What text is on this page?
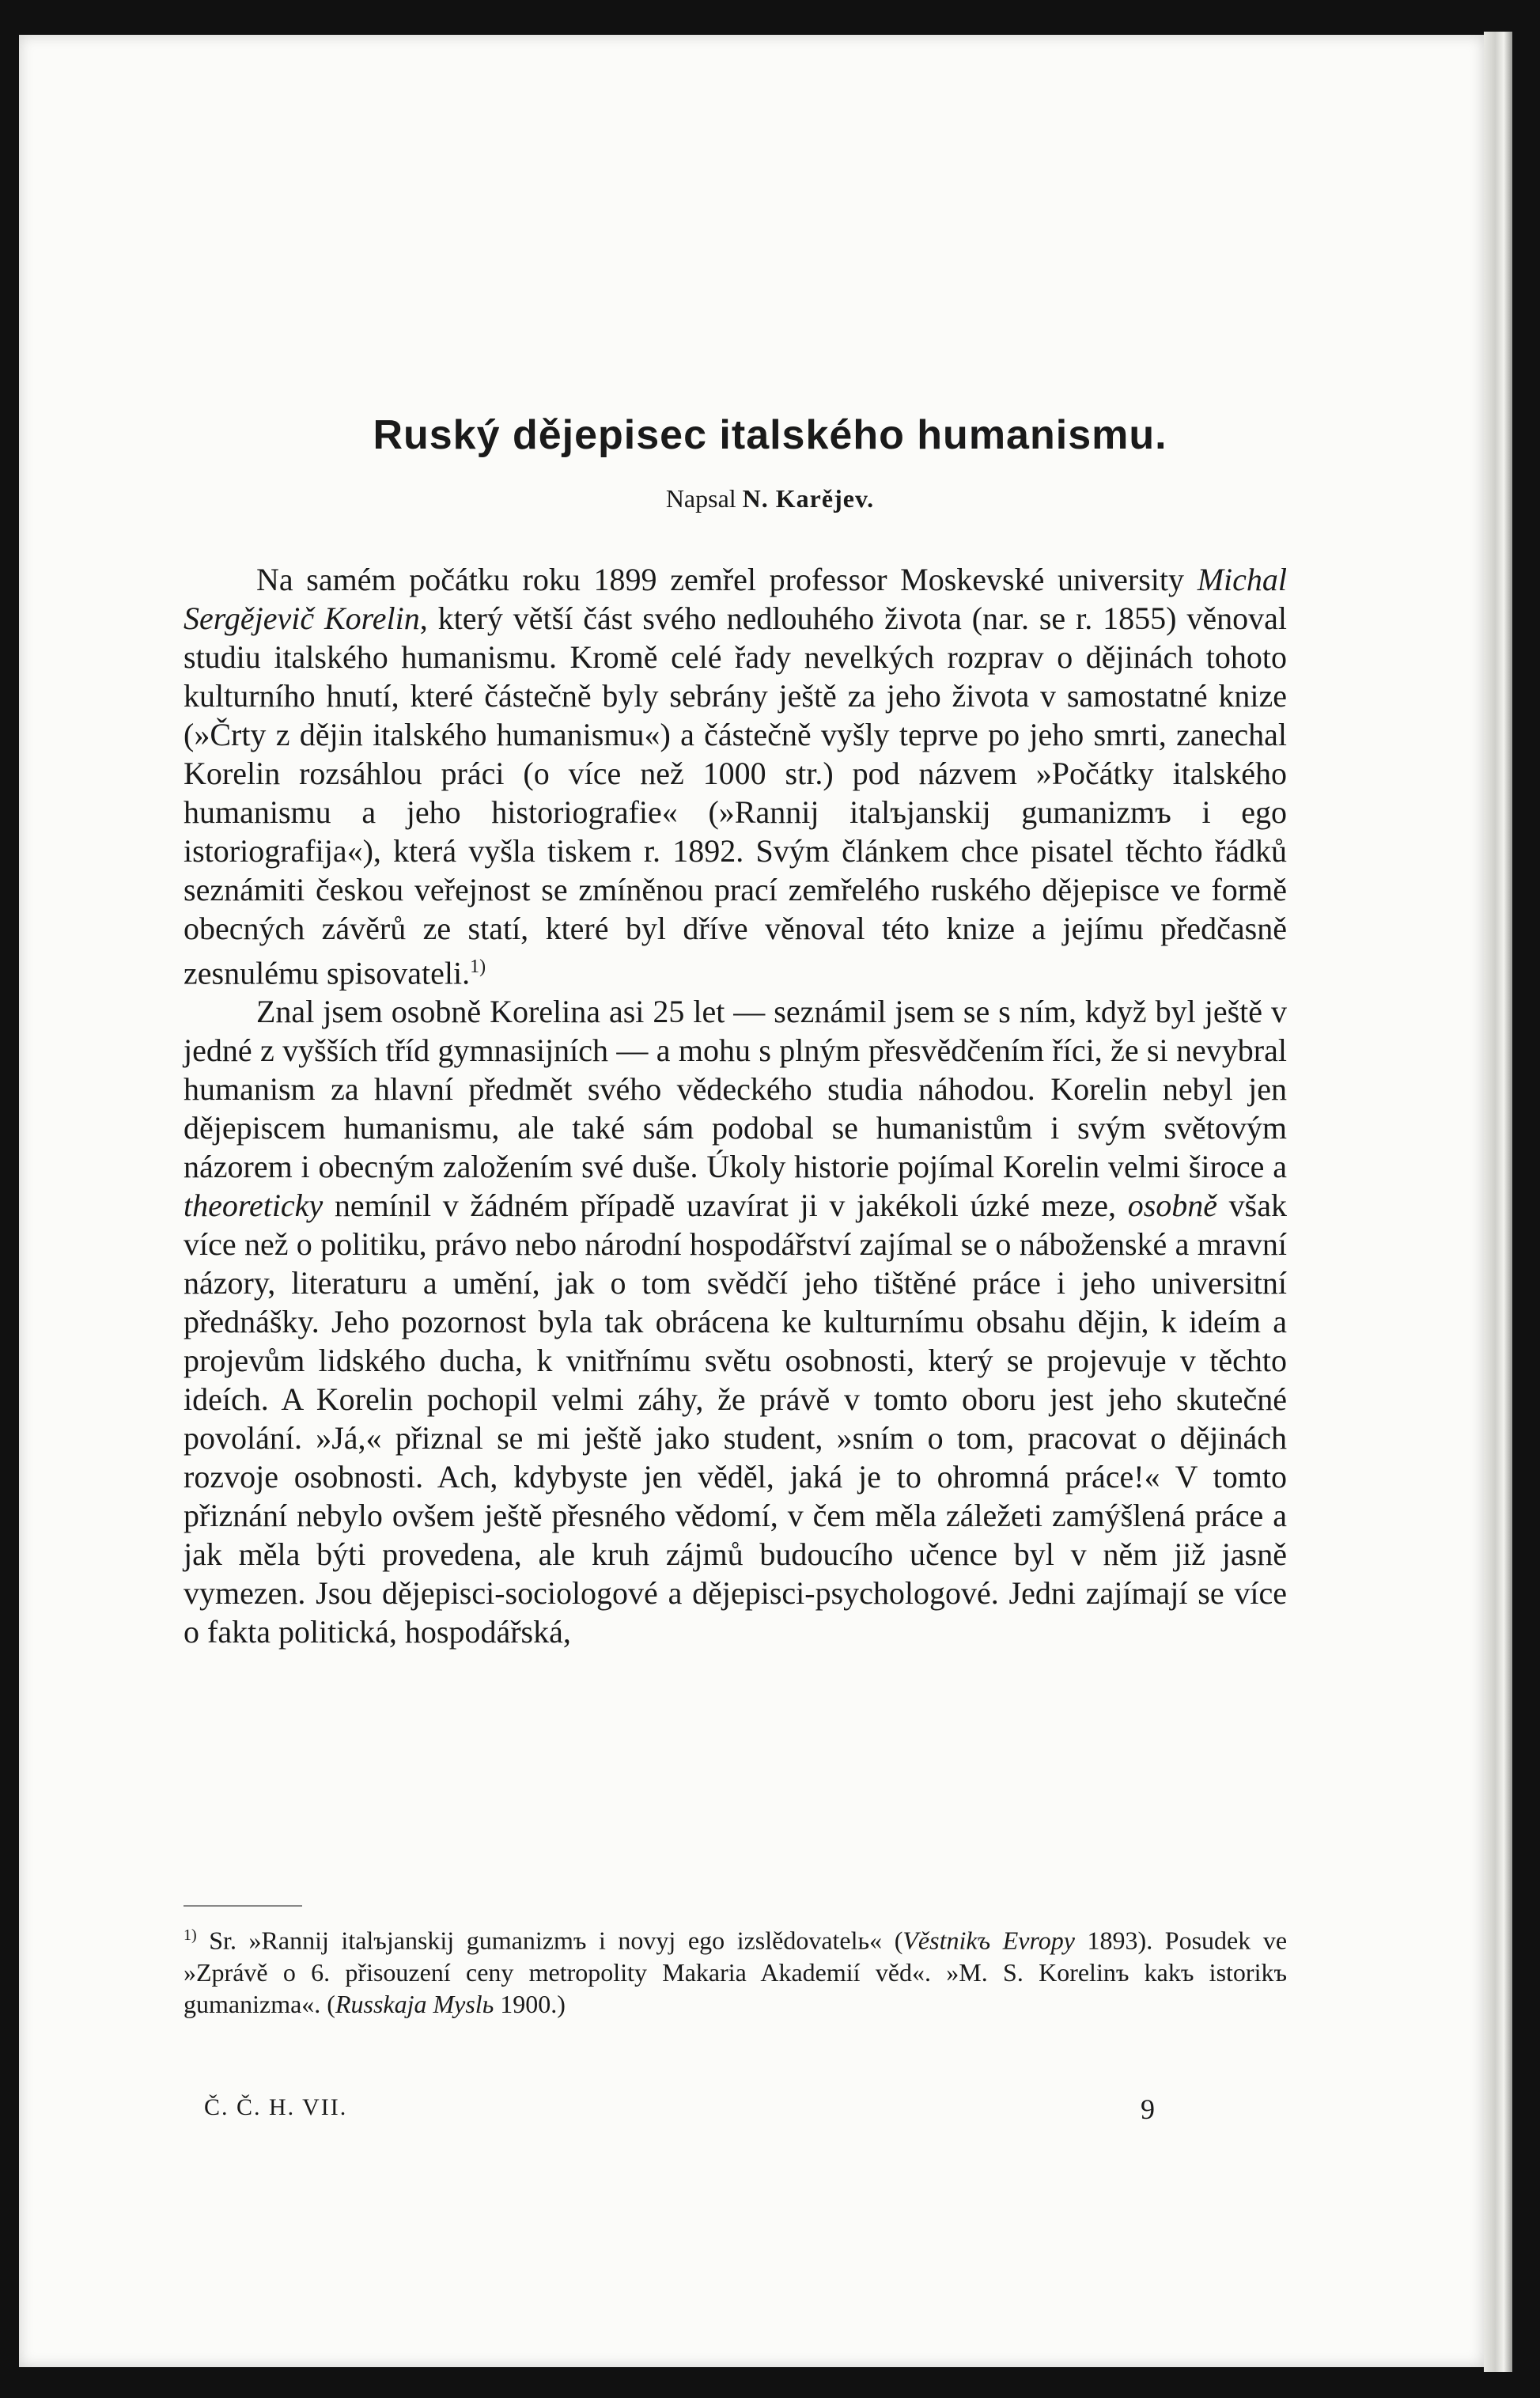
Ruský dějepisec italského humanismu.
Napsal N. Karějev.

Na samém počátku roku 1899 zemřel professor Moskevské university Michal Sergějevič Korelin, který větší část svého nedlouhého života (nar. se r. 1855) věnoval studiu italského humanismu. Kromě celé řady nevelkých rozprav o dějinách tohoto kulturního hnutí, které částečně byly sebrány ještě za jeho života v samostatné knize (»Črty z dějin italského humanismu«) a částečně vyšly teprve po jeho smrti, zanechal Korelin rozsáhlou práci (o více než 1000 str.) pod názvem »Počátky italského humanismu a jeho historiografie« (»Rannij italъjanskij gumanizmъ i ego istoriografija«), která vyšla tiskem r. 1892. Svým článkem chce pisatel těchto řádků seznámiti českou veřejnost se zmíněnou prací zemřelého ruského dějepisce ve formě obecných závěrů ze statí, které byl dříve věnoval této knize a jejímu předčasně zesnulému spisovateli.$^{1)}$

Znal jsem osobně Korelina asi 25 let — seznámil jsem se s ním, když byl ještě v jedné z vyšších tříd gymnasijních — a mohu s plným přesvědčením říci, že si nevybral humanism za hlavní předmět svého vědeckého studia náhodou. Korelin nebyl jen dějepiscem humanismu, ale také sám podobal se humanistům i svým světovým názorem i obecným založením své duše. Úkoly historie pojímal Korelin velmi široce a theoreticky nemínil v žádném případě uzavírat ji v jakékoli úzké meze, osobně však více než o politiku, právo nebo národní hospodářství zajímal se o náboženské a mravní názory, literaturu a umění, jak o tom svědčí jeho tištěné práce i jeho universitní přednášky. Jeho pozornost byla tak obrácena ke kulturnímu obsahu dějin, k ideím a projevům lidského ducha, k vnitřnímu světu osobnosti, který se projevuje v těchto ideích. A Korelin pochopil velmi záhy, že právě v tomto oboru jest jeho skutečné povolání. »Já,« přiznal se mi ještě jako student, »sním o tom, pracovat o dějinách rozvoje osobnosti. Ach, kdybyste jen věděl, jaká je to ohromná práce!« V tomto přiznání nebylo ovšem ještě přesného vědomí, v čem měla záležeti zamýšlená práce a jak měla býti provedena, ale kruh zájmů budoucího učence byl v něm již jasně vymezen. Jsou dějepisci-sociologové a dějepisci-psychologové. Jedni zajímají se více o fakta politická, hospodářská,

$^{1)}$ Sr. »Rannij italъjanskij gumanizmъ i novyj ego izslědovatelь« (Věstnikъ Evropy 1893). Posudek ve »Zprávě o 6. přisouzení ceny metropolity Makaria Akademií věd«. »M. S. Korelinъ kakъ istorikъ gumanizma«. (Russkaja Myslь 1900.)
Č. Č. H. VII.	9
